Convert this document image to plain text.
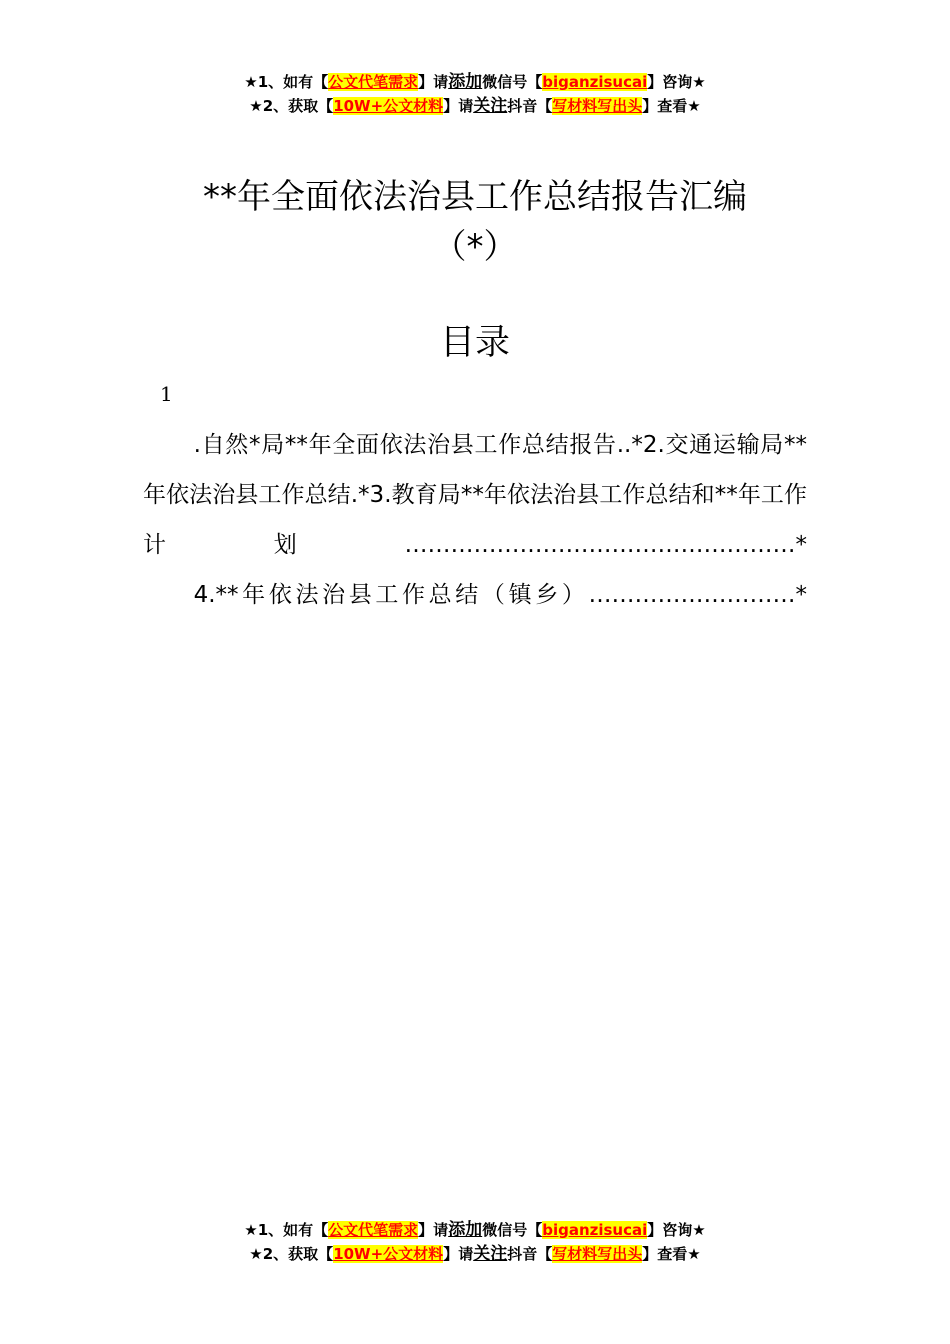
★1、如有【公文代笔需求】请添加微信号【biganzisucai】咨询★
★2、获取【10W+公文材料】请关注抖音【写材料写出头】查看★
**年全面依法治县工作总结报告汇编
（*）
目录
1

.自然*局**年全面依法治县工作总结报告..*2.交通运输局**年依法治县工作总结.*3.教育局**年依法治县工作总结和**年工作计划……………………………………………*

4.**年依法治县工作总结（镇乡）………………………*

★1、如有【公文代笔需求】请添加微信号【biganzisucai】咨询★
★2、获取【10W+公文材料】请关注抖音【写材料写出头】查看★
